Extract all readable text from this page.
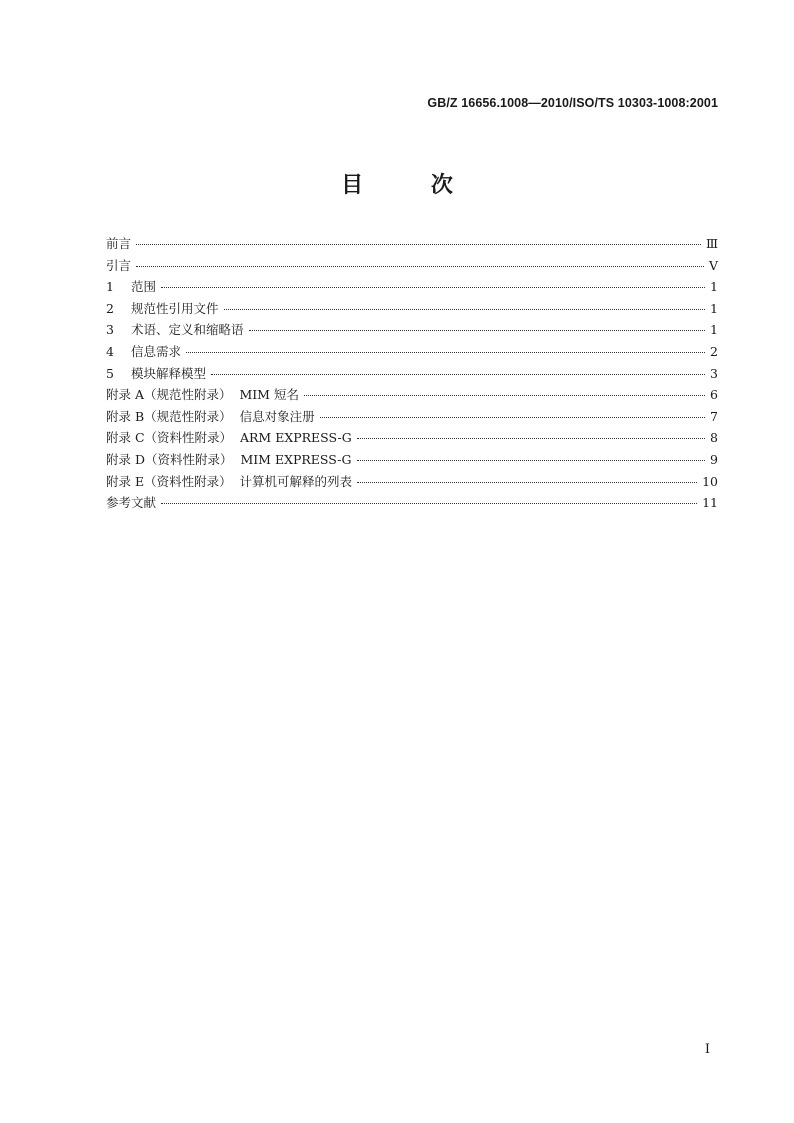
GB/Z 16656.1008—2010/ISO/TS 10303-1008:2001
目 次
前言	Ⅲ
引言	Ⅴ
1	范围	1
2	规范性引用文件	1
3	术语、定义和缩略语	1
4	信息需求	2
5	模块解释模型	3
附录 A（规范性附录）  MIM 短名	6
附录 B（规范性附录）  信息对象注册	7
附录 C（资料性附录）  ARM EXPRESS-G	8
附录 D（资料性附录）  MIM EXPRESS-G	9
附录 E（资料性附录）  计算机可解释的列表	10
参考文献	11
Ⅰ
